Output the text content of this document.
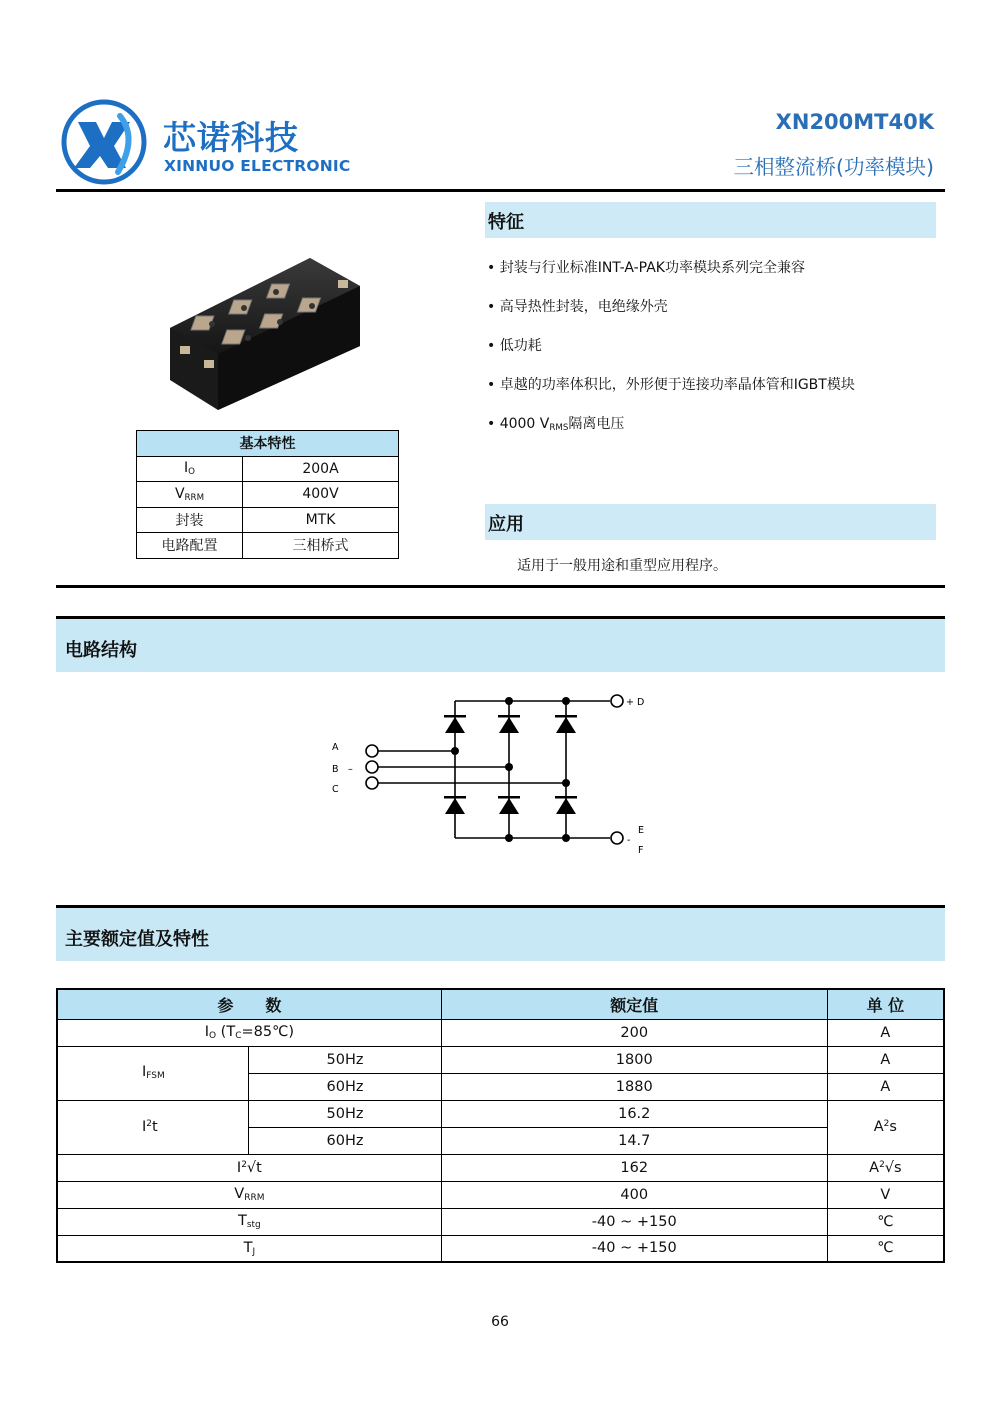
芯诺科技
XINNUO ELECTRONIC
XN200MT40K
三相整流桥(功率模块)
基本特性	
$I_O$	200A
$V_{RRM}$	400V
封装	MTK
电路配置	三相桥式
特征
• 封装与行业标准INT-A-PAK功率模块系列完全兼容
• 高导热性封装，电绝缘外壳
• 低功耗
• 卓越的功率体积比，外形便于连接功率晶体管和IGBT模块
• 4000 $V_{RMS}$隔离电压
应用
适用于一般用途和重型应用程序。
电路结构
A
B –
C
+ D
E
-
F
主要额定值及特性
参　　数		额定值	单 位
$I_O$ $(T_C=85℃)$		200	A
$I_{FSM}$	50Hz	1800	A
	60Hz	1880	A
$I^2t$	50Hz	16.2	$A^2s$
	60Hz	14.7	
$I^2√t$		162	$A^2√s$
$V_{RRM}$		400	V
$T_{stg}$		-40 ~ +150	℃
$T_J$		-40 ~ +150	℃
66
